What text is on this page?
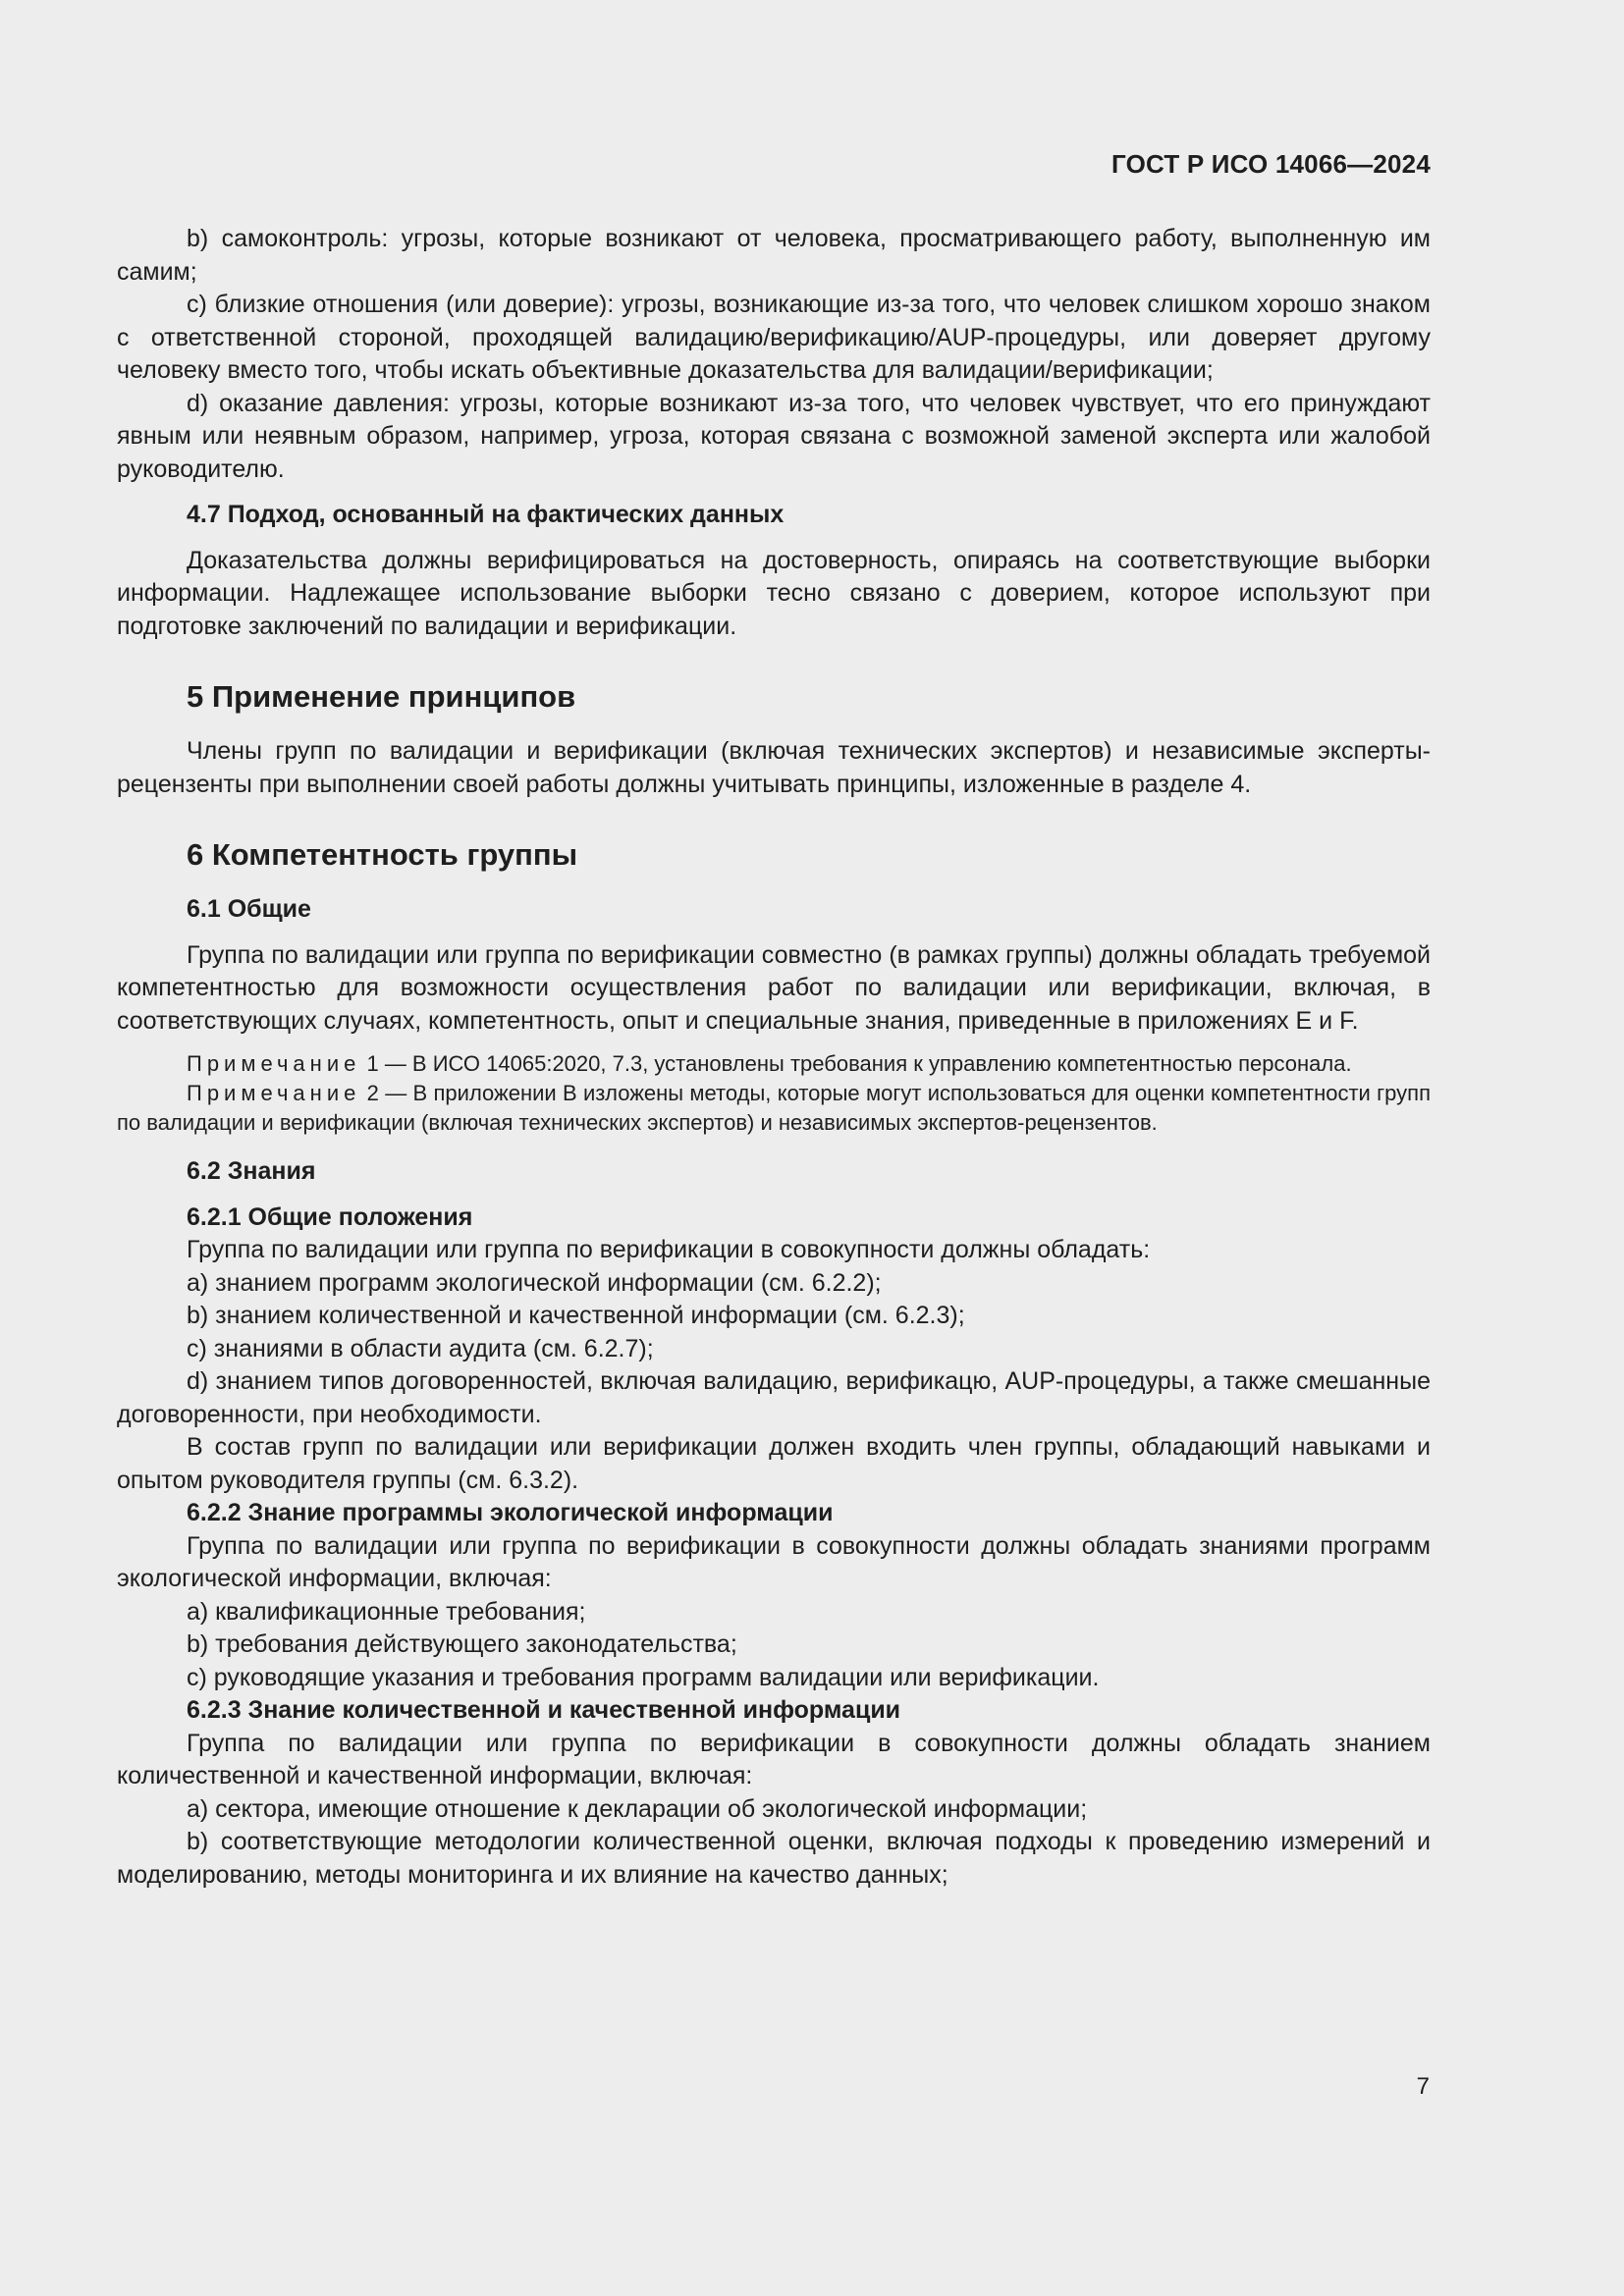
ГОСТ Р ИСО 14066—2024

b) самоконтроль: угрозы, которые возникают от человека, просматривающего работу, выполненную им самим;

c) близкие отношения (или доверие): угрозы, возникающие из-за того, что человек слишком хорошо знаком с ответственной стороной, проходящей валидацию/верификацию/AUP-процедуры, или доверяет другому человеку вместо того, чтобы искать объективные доказательства для валидации/верификации;

d) оказание давления: угрозы, которые возникают из-за того, что человек чувствует, что его принуждают явным или неявным образом, например, угроза, которая связана с возможной заменой эксперта или жалобой руководителю.

4.7 Подход, основанный на фактических данных

Доказательства должны верифицироваться на достоверность, опираясь на соответствующие выборки информации. Надлежащее использование выборки тесно связано с доверием, которое используют при подготовке заключений по валидации и верификации.

5 Применение принципов

Члены групп по валидации и верификации (включая технических экспертов) и независимые эксперты-рецензенты при выполнении своей работы должны учитывать принципы, изложенные в разделе 4.

6 Компетентность группы
6.1 Общие

Группа по валидации или группа по верификации совместно (в рамках группы) должны обладать требуемой компетентностью для возможности осуществления работ по валидации или верификации, включая, в соответствующих случаях, компетентность, опыт и специальные знания, приведенные в приложениях Е и F.

Примечание 1 — В ИСО 14065:2020, 7.3, установлены требования к управлению компетентностью персонала.
Примечание 2 — В приложении В изложены методы, которые могут использоваться для оценки компетентности групп по валидации и верификации (включая технических экспертов) и независимых экспертов-рецензентов.
6.2 Знания
6.2.1 Общие положения

Группа по валидации или группа по верификации в совокупности должны обладать:

а) знанием программ экологической информации (см. 6.2.2);

b) знанием количественной и качественной информации (см. 6.2.3);

c) знаниями в области аудита (см. 6.2.7);

d) знанием типов договоренностей, включая валидацию, верификацю, AUP-процедуры, а также смешанные договоренности, при необходимости.

В состав групп по валидации или верификации должен входить член группы, обладающий навыками и опытом руководителя группы (см. 6.3.2).

6.2.2 Знание программы экологической информации

Группа по валидации или группа по верификации в совокупности должны обладать знаниями программ экологической информации, включая:

а) квалификационные требования;

b) требования действующего законодательства;

c) руководящие указания и требования программ валидации или верификации.

6.2.3 Знание количественной и качественной информации

Группа по валидации или группа по верификации в совокупности должны обладать знанием количественной и качественной информации, включая:

а) сектора, имеющие отношение к декларации об экологической информации;

b) соответствующие методологии количественной оценки, включая подходы к проведению измерений и моделированию, методы мониторинга и их влияние на качество данных;

7
